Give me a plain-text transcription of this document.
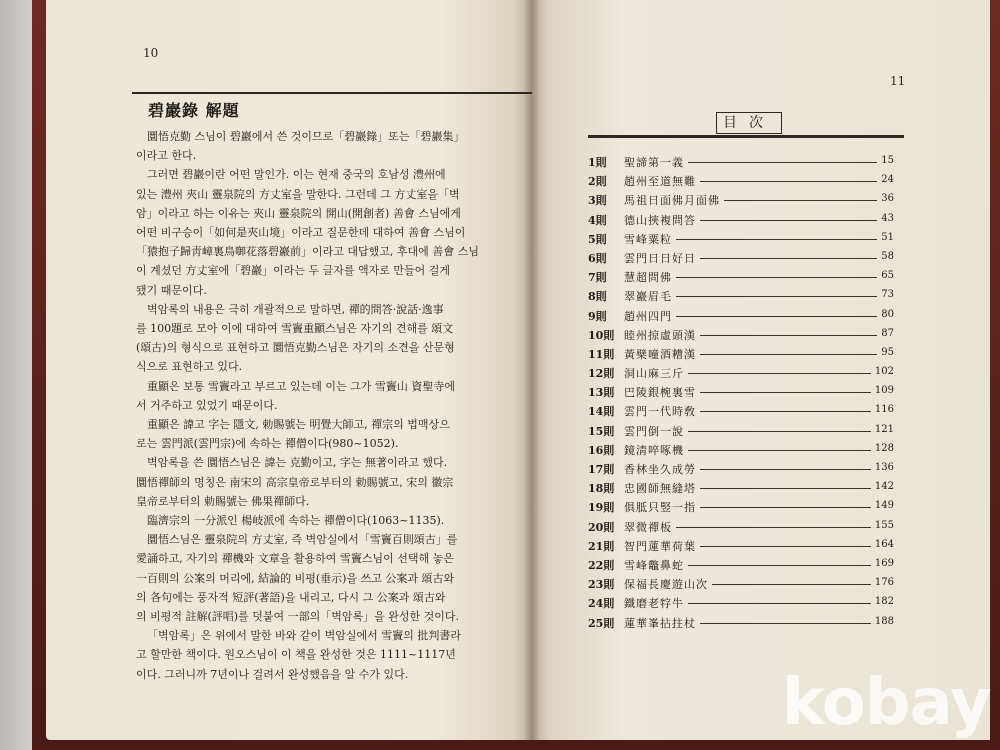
10
碧巖錄 解題

圜悟克勤 스님이 碧巖에서 쓴 것이므로「碧巖錄」또는「碧巖集」

이라고 한다.

그러면 碧巖이란 어떤 말인가. 이는 현재 중국의 호남성 澧州에

있는 澧州 夾山 靈泉院의 方丈室을 말한다. 그런데 그 方丈室을「벽

암」이라고 하는 이유는 夾山 靈泉院의 開山(開創者) 善會 스님에게

어떤 비구승이「如何是夾山境」이라고 질문한데 대하여 善會 스님이

「猿抱子歸靑嶂裏鳥啣花落碧巖前」이라고 대답했고, 후대에 善會 스님

이 계셨던 方丈室에「碧巖」이라는 두 글자를 액자로 만들어 걸게

됐기 때문이다.

벽암록의 내용은 극히 개괄적으로 말하면, 禪的問答·說話·逸事

를 100題로 모아 이에 대하여 雪竇重顯스님은 자기의 견해를 頌文

(頌古)의 형식으로 표현하고 圜悟克勤스님은 자기의 소견을 산문형

식으로 표현하고 있다.

重顯은 보통 雪竇라고 부르고 있는데 이는 그가 雪竇山 資聖寺에

서 거주하고 있었기 때문이다.

重顯은 諱고 字는 隱文, 勅賜號는 明覺大師고, 禪宗의 법맥상으

로는 雲門派(雲門宗)에 속하는 禪僧이다(980~1052).

벽암록을 쓴 圜悟스님은 諱는 克勤이고, 字는 無著이라고 했다.

圜悟禪師의 명칭은 南宋의 高宗皇帝로부터의 勅賜號고, 宋의 徽宗

皇帝로부터의 勅賜號는 佛果禪師다.

臨濟宗의 一分派인 楊岐派에 속하는 禪僧이다(1063~1135).

圜悟스님은 靈泉院의 方丈室, 즉 벽암실에서「雪竇百則頌古」를

愛誦하고, 자기의 禪機와 文章을 활용하여 雪竇스님이 선택해 놓은

一百則의 公案의 머리에, 結論的 비평(垂示)을 쓰고 公案과 頌古와

의 各句에는 풍자적 短評(著語)을 내리고, 다시 그 公案과 頌古와

의 비평적 註解(評唱)를 덧붙여 一部의「벽암록」을 완성한 것이다.

「벽암록」은 위에서 말한 바와 같이 벽암실에서 雪竇의 批判書라

고 할만한 책이다. 원오스님이 이 책을 완성한 것은 1111~1117년

이다. 그러니까 7년이나 걸려서 완성했음을 알 수가 있다.

11
目次
1則	聖諦第一義	15
2則	趙州至道無難	24
3則	馬祖日面佛月面佛	36
4則	德山挾複問答	43
5則	雪峰粟粒	51
6則	雲門日日好日	58
7則	慧超問佛	65
8則	翠巖眉毛	73
9則	趙州四門	80
10則 睦州掠虛頭漢	87
11則 黃檗噇酒糟漢	95
12則 洞山麻三斤	102
13則 巴陵銀椀裏雪	109
14則 雲門一代時敎	116
15則 雲門倒一說	121
16則 鏡淸啐啄機	128
17則 香林坐久成勞	136
18則 忠國師無縫塔	142
19則 俱胝只竪一指	149
20則 翠微禪板	155
21則 智門蓮華荷葉	164
22則 雪峰鼈鼻蛇	169
23則 保福長慶遊山次	176
24則 鐵磨老牸牛	182
25則 蓮華峯拈拄杖	188
kobay
